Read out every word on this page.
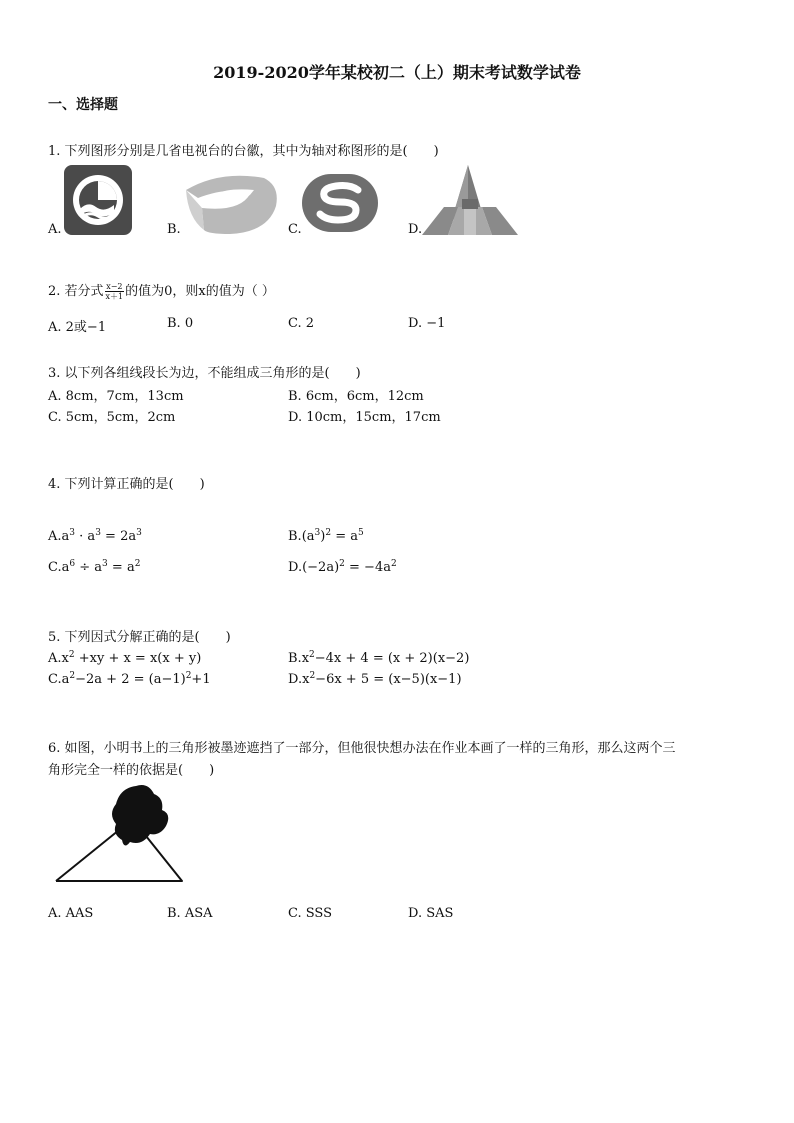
2019-2020学年某校初二（上）期末考试数学试卷
一、选择题
1. 下列图形分别是几省电视台的台徽，其中为轴对称图形的是(　　)
A.	B.	C.	D.
2. 若分式 $\frac{x-2}{x+1}$ 的值为0，则x的值为（ ）
A. 2或−1	B. 0	C. 2	D. −1
3. 以下列各组线段长为边，不能组成三角形的是(　　)
A. 8cm，7cm，13cm	B. 6cm，6cm，12cm
C. 5cm，5cm，2cm	D. 10cm，15cm，17cm
4. 下列计算正确的是(　　)
$A.a^3 \cdot a^3 = 2a^3$	$B.(a^3)^2 = a^5$
$C.a^6 \div a^3 = a^2$	$D.(-2a)^2 = -4a^2$
5. 下列因式分解正确的是(　　)
$A.x^2 +xy + x = x(x + y)$	$B.x^2-4x + 4 = (x + 2)(x-2)$
$C.a^2-2a + 2 = (a-1)^2+1$	$D.x^2-6x + 5 = (x-5)(x-1)$
6. 如图，小明书上的三角形被墨迹遮挡了一部分，但他很快想办法在作业本画了一样的三角形，那么这两个三
角形完全一样的依据是(　　)
A. AAS	B. ASA	C. SSS	D. SAS
